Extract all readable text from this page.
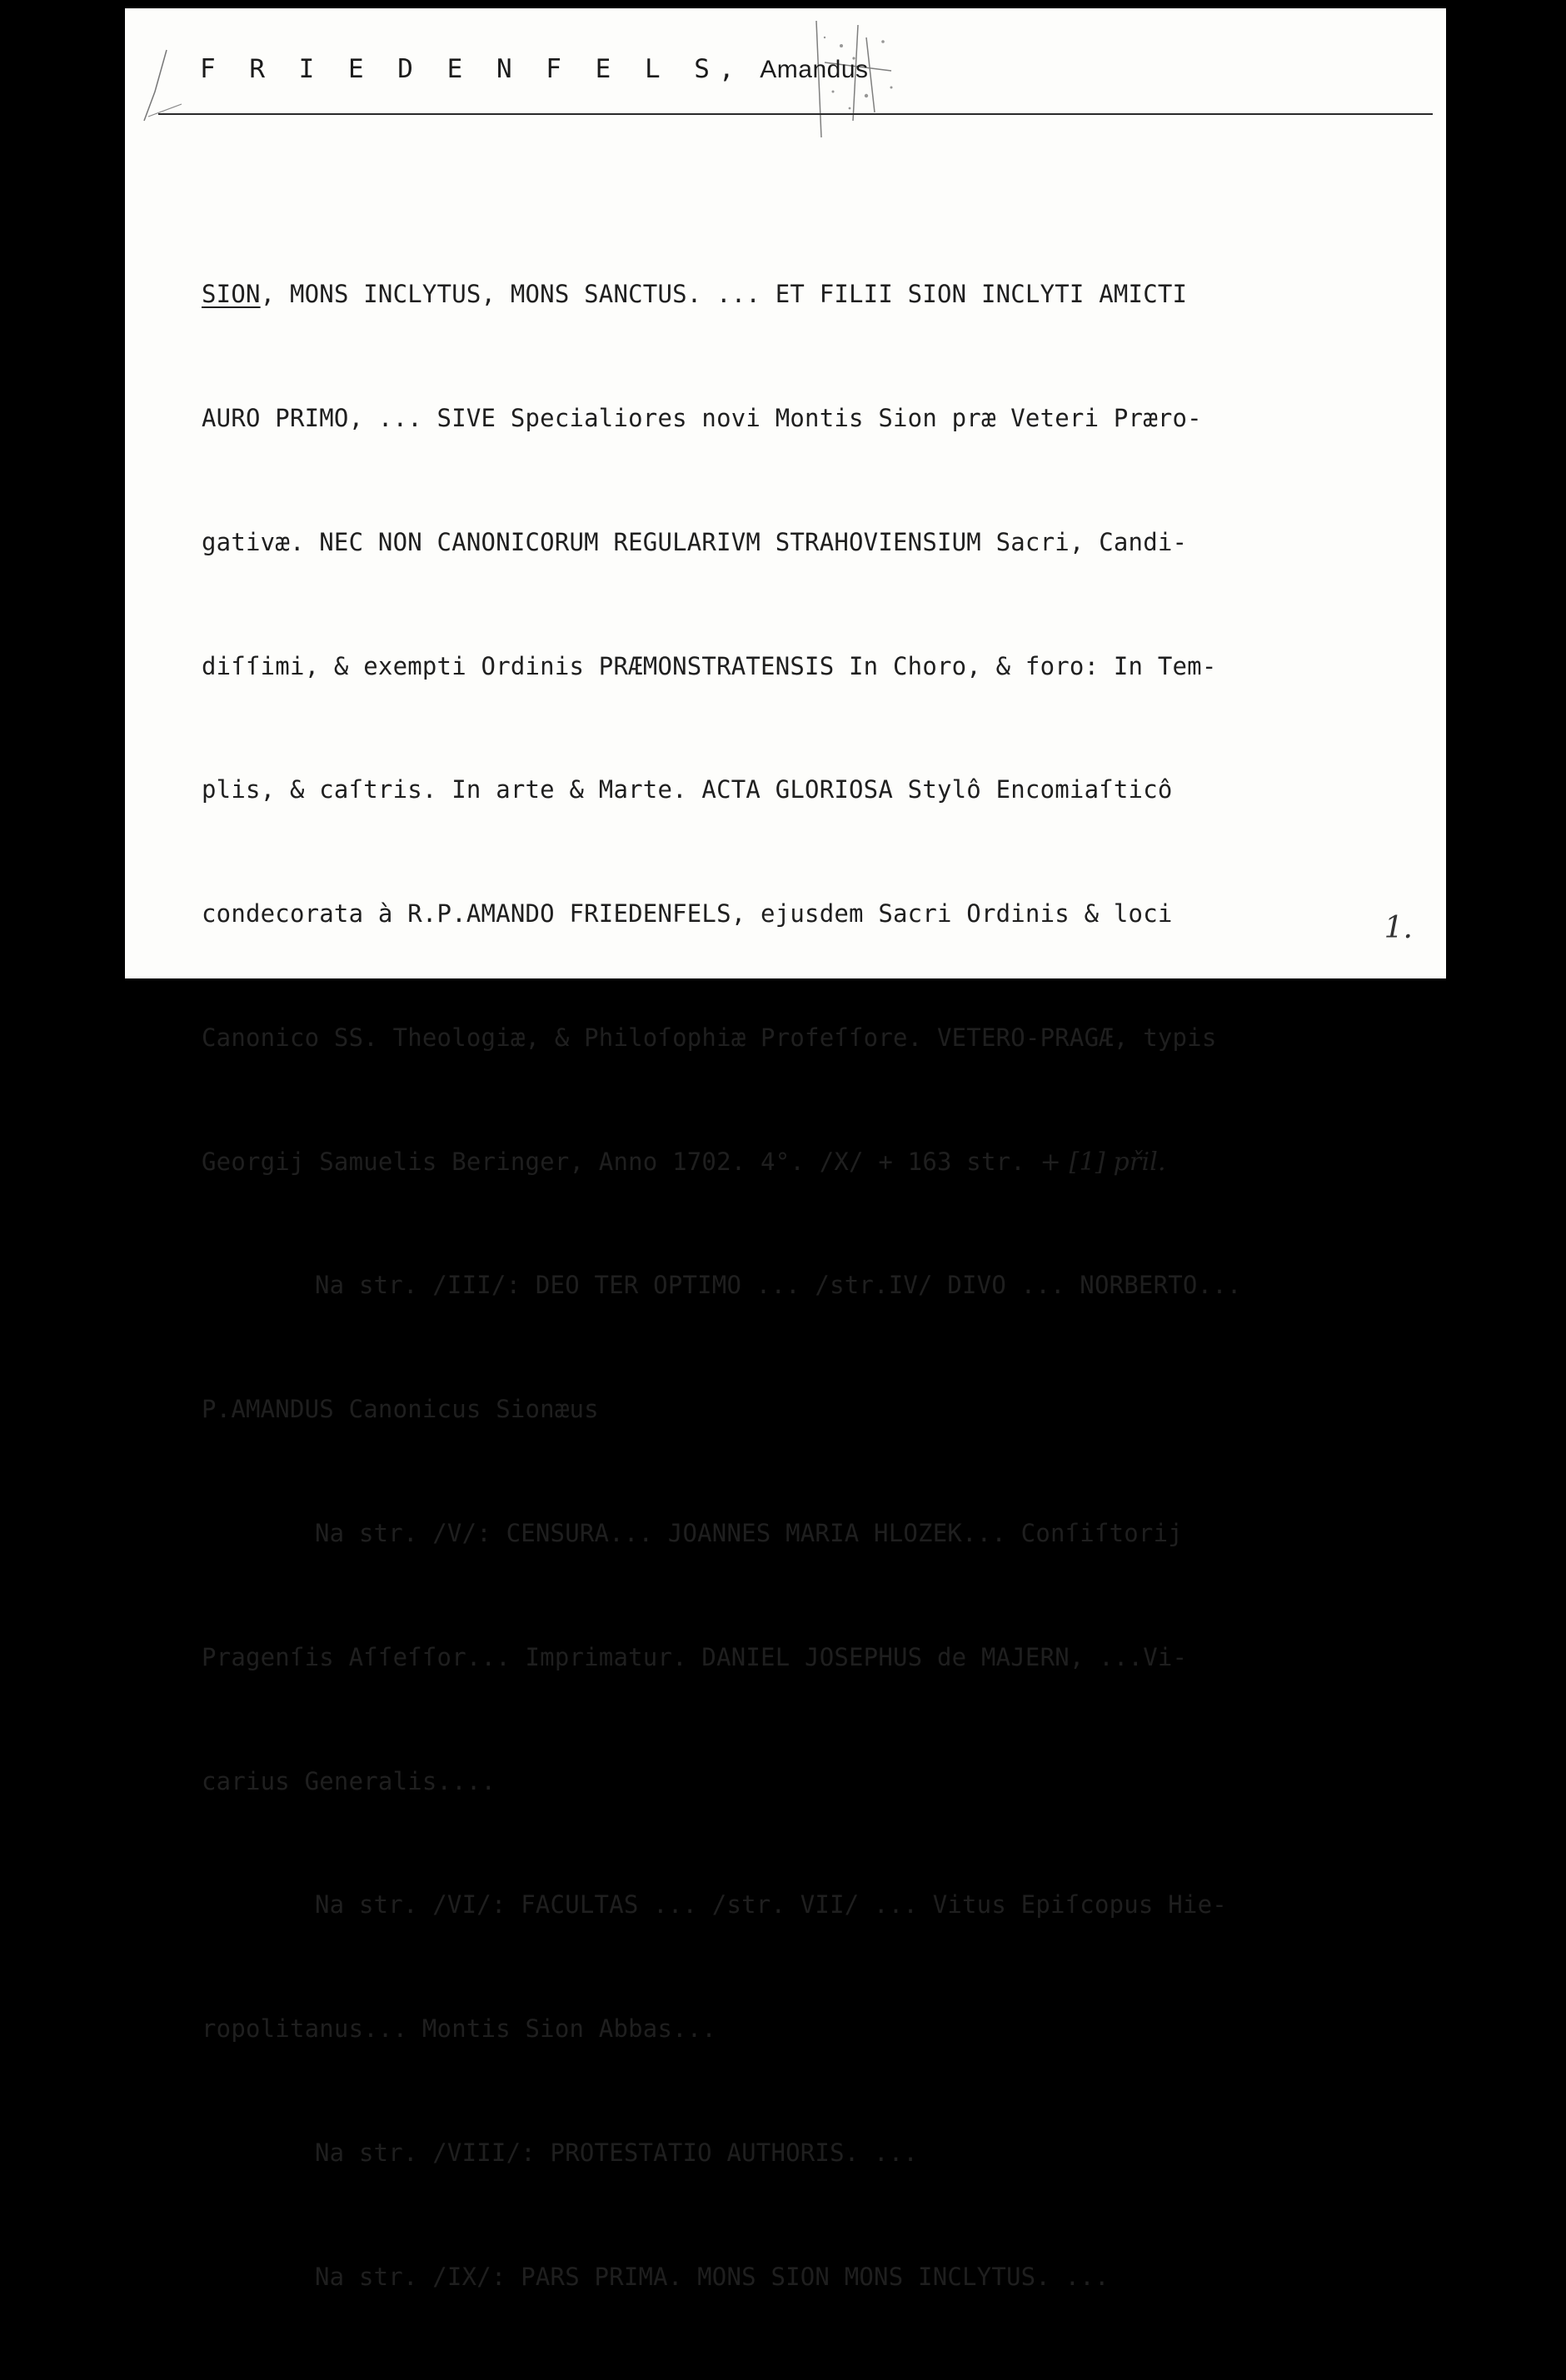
F R I E D E N F E L S, Amandus

SION, MONS INCLYTUS, MONS SANCTUS. ... ET FILII SION INCLYTI AMICTI

AURO PRIMO, ... SIVE Specialiores novi Montis Sion præ Veteri Præro-

gativæ. NEC NON CANONICORUM REGULARIVM STRAHOVIENSIUM Sacri, Candi-

diſſimi, & exempti Ordinis PRÆMONSTRATENSIS In Choro, & foro: In Tem-

plis, & caſtris. In arte & Marte. ACTA GLORIOSA Stylô Encomiaſticô

condecorata à R.P.AMANDO FRIEDENFELS, ejusdem Sacri Ordinis & loci

Canonico SS. Theologiæ, & Philoſophiæ Profeſſore. VETERO-PRAGÆ, typis

Georgij Samuelis Beringer, Anno 1702. 4°. /X/ + 163 str. + [1] přil.

Na str. /III/: DEO TER OPTIMO ... /str.IV/ DIVO ... NORBERTO...

P.AMANDUS Canonicus Sionæus

Na str. /V/: CENSURA... JOANNES MARIA HLOZEK... Conſiſtorij

Pragenſis Aſſeſſor... Imprimatur. DANIEL JOSEPHUS de MAJERN, ...Vi-

carius Generalis....

Na str. /VI/: FACULTAS ... /str. VII/ ... Vitus Epiſcopus Hie-

ropolitanus... Montis Sion Abbas...

Na str. /VIII/: PROTESTATIO AUTHORIS. ...

Na str. /IX/: PARS PRIMA. MONS SION MONS INCLYTUS. ...

1.
